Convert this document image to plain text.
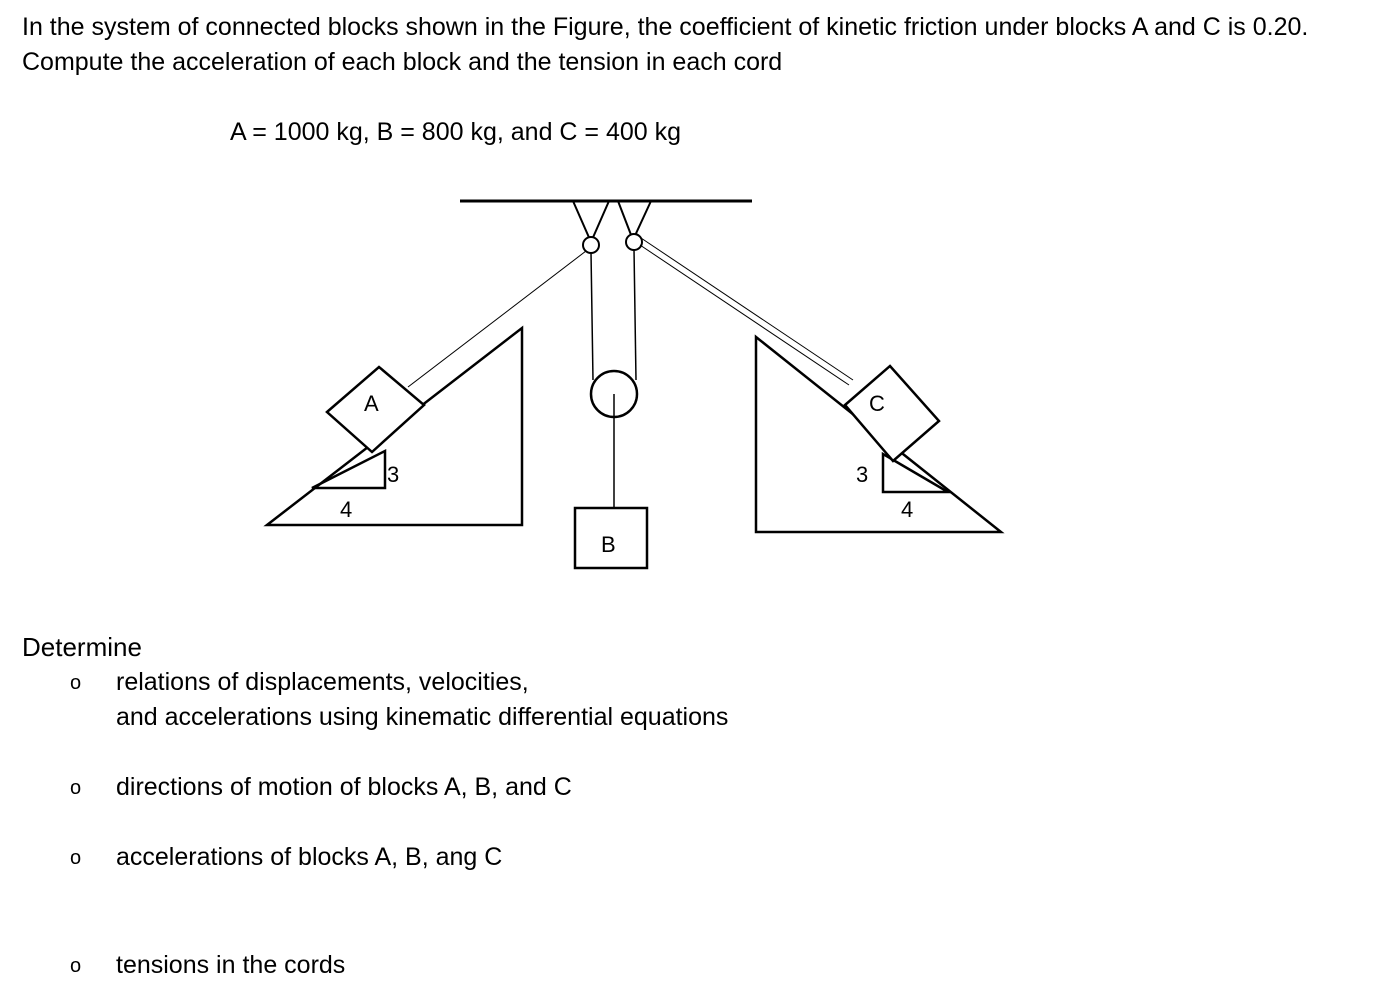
In the system of connected blocks shown in the Figure, the coefficient of kinetic friction under blocks A and C is 0.20.
Compute the acceleration of each block and the tension in each cord
A = 1000 kg, B = 800 kg, and C = 400 kg
B
4
3
A
3
4
C
Determine
o relations of displacements, velocities,
and accelerations using kinematic differential equations
o directions of motion of blocks A, B, and C
o accelerations of blocks A, B, ang C
o tensions in the cords
